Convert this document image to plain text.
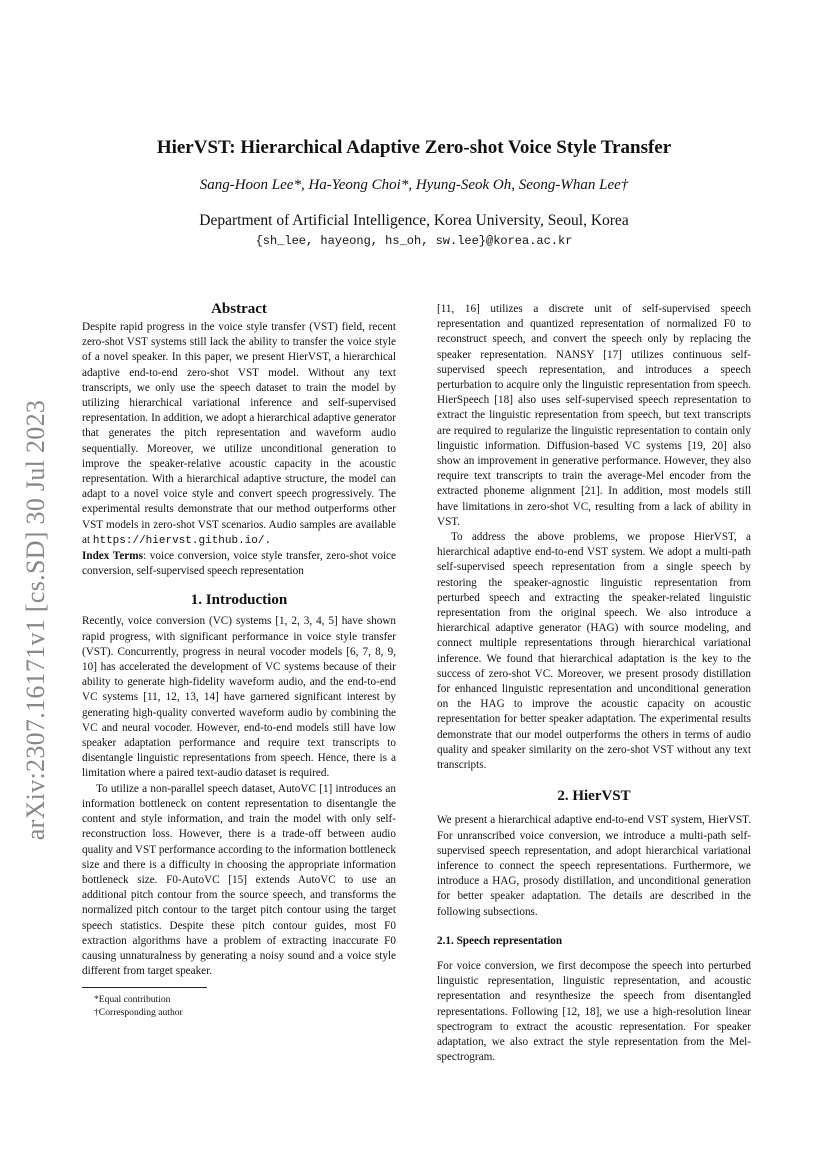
arXiv:2307.16171v1 [cs.SD] 30 Jul 2023
HierVST: Hierarchical Adaptive Zero-shot Voice Style Transfer
Sang-Hoon Lee*, Ha-Yeong Choi*, Hyung-Seok Oh, Seong-Whan Lee†
Department of Artificial Intelligence, Korea University, Seoul, Korea
{sh_lee, hayeong, hs_oh, sw.lee}@korea.ac.kr
Abstract

Despite rapid progress in the voice style transfer (VST) field, recent zero-shot VST systems still lack the ability to transfer the voice style of a novel speaker. In this paper, we present HierVST, a hierarchical adaptive end-to-end zero-shot VST model. Without any text transcripts, we only use the speech dataset to train the model by utilizing hierarchical variational inference and self-supervised representation. In addition, we adopt a hierarchical adaptive generator that generates the pitch representation and waveform audio sequentially. Moreover, we utilize unconditional generation to improve the speaker-relative acoustic capacity in the acoustic representation. With a hierarchical adaptive structure, the model can adapt to a novel voice style and convert speech progressively. The experimental results demonstrate that our method outperforms other VST models in zero-shot VST scenarios. Audio samples are available at https://hiervst.github.io/.

Index Terms: voice conversion, voice style transfer, zero-shot voice conversion, self-supervised speech representation

1. Introduction

Recently, voice conversion (VC) systems [1, 2, 3, 4, 5] have shown rapid progress, with significant performance in voice style transfer (VST). Concurrently, progress in neural vocoder models [6, 7, 8, 9, 10] has accelerated the development of VC systems because of their ability to generate high-fidelity waveform audio, and the end-to-end VC systems [11, 12, 13, 14] have garnered significant interest by generating high-quality converted waveform audio by combining the VC and neural vocoder. However, end-to-end models still have low speaker adaptation performance and require text transcripts to disentangle linguistic representations from speech. Hence, there is a limitation where a paired text-audio dataset is required.

To utilize a non-parallel speech dataset, AutoVC [1] introduces an information bottleneck on content representation to disentangle the content and style information, and train the model with only self-reconstruction loss. However, there is a trade-off between audio quality and VST performance according to the information bottleneck size and there is a difficulty in choosing the appropriate information bottleneck size. F0-AutoVC [15] extends AutoVC to use an additional pitch contour from the source speech, and transforms the normalized pitch contour to the target pitch contour using the target speech statistics. Despite these pitch contour guides, most F0 extraction algorithms have a problem of extracting inaccurate F0 causing unnaturalness by generating a noisy sound and a voice style different from target speaker.

*Equal contribution
†Corresponding author

[11, 16] utilizes a discrete unit of self-supervised speech representation and quantized representation of normalized F0 to reconstruct speech, and convert the speech only by replacing the speaker representation. NANSY [17] utilizes continuous self-supervised speech representation, and introduces a speech perturbation to acquire only the linguistic representation from speech. HierSpeech [18] also uses self-supervised speech representation to extract the linguistic representation from speech, but text transcripts are required to regularize the linguistic representation to contain only linguistic information. Diffusion-based VC systems [19, 20] also show an improvement in generative performance. However, they also require text transcripts to train the average-Mel encoder from the extracted phoneme alignment [21]. In addition, most models still have limitations in zero-shot VC, resulting from a lack of ability in VST.

To address the above problems, we propose HierVST, a hierarchical adaptive end-to-end VST system. We adopt a multi-path self-supervised speech representation from a single speech by restoring the speaker-agnostic linguistic representation from perturbed speech and extracting the speaker-related linguistic representation from the original speech. We also introduce a hierarchical adaptive generator (HAG) with source modeling, and connect multiple representations through hierarchical variational inference. We found that hierarchical adaptation is the key to the success of zero-shot VC. Moreover, we present prosody distillation for enhanced linguistic representation and unconditional generation on the HAG to improve the acoustic capacity on acoustic representation for better speaker adaptation. The experimental results demonstrate that our model outperforms the others in terms of audio quality and speaker similarity on the zero-shot VST without any text transcripts.

2. HierVST

We present a hierarchical adaptive end-to-end VST system, HierVST. For unranscribed voice conversion, we introduce a multi-path self-supervised speech representation, and adopt hierarchical variational inference to connect the speech representations. Furthermore, we introduce a HAG, prosody distillation, and unconditional generation for better speaker adaptation. The details are described in the following subsections.

2.1. Speech representation

For voice conversion, we first decompose the speech into perturbed linguistic representation, linguistic representation, and acoustic representation and resynthesize the speech from disentangled representations. Following [12, 18], we use a high-resolution linear spectrogram to extract the acoustic representation. For speaker adaptation, we also extract the style representation from the Mel-spectrogram.
